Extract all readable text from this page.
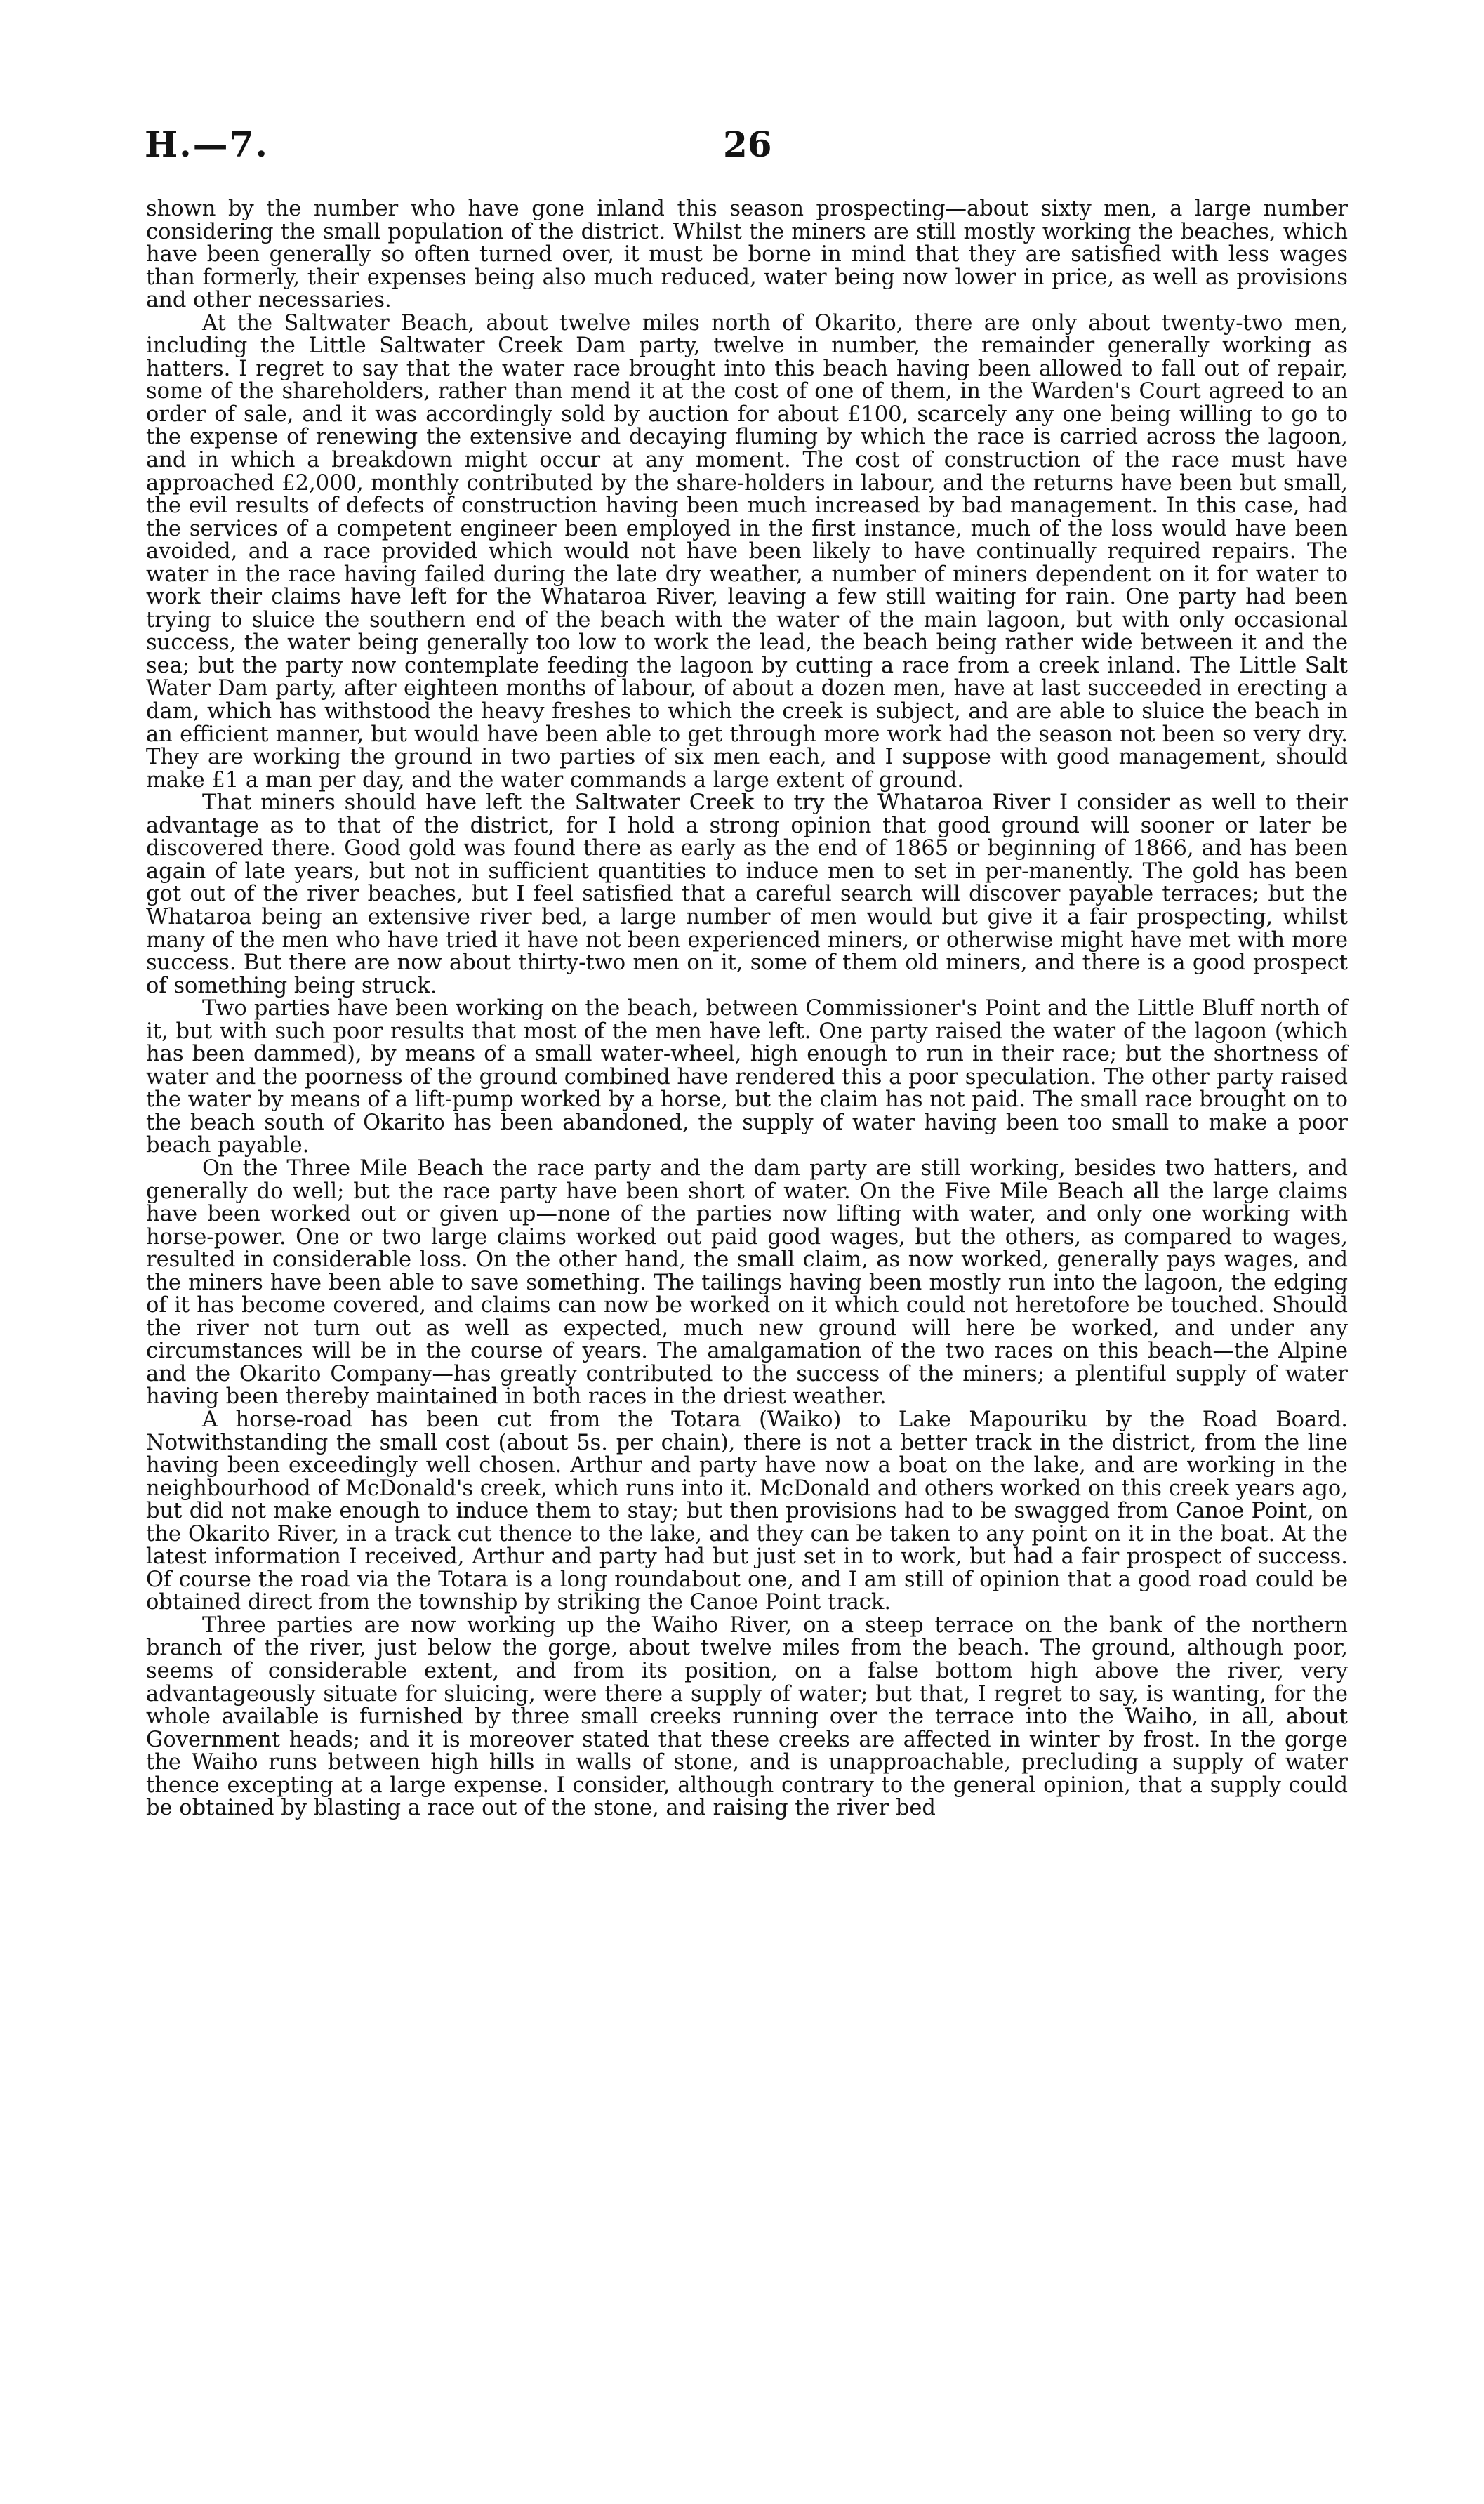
H.—7.	26

shown by the number who have gone inland this season prospecting—about sixty men, a large number considering the small population of the district. Whilst the miners are still mostly working the beaches, which have been generally so often turned over, it must be borne in mind that they are satisfied with less wages than formerly, their expenses being also much reduced, water being now lower in price, as well as provisions and other necessaries.

At the Saltwater Beach, about twelve miles north of Okarito, there are only about twenty-two men, including the Little Saltwater Creek Dam party, twelve in number, the remainder generally working as hatters. I regret to say that the water race brought into this beach having been allowed to fall out of repair, some of the shareholders, rather than mend it at the cost of one of them, in the Warden's Court agreed to an order of sale, and it was accordingly sold by auction for about £100, scarcely any one being willing to go to the expense of renewing the extensive and decaying fluming by which the race is carried across the lagoon, and in which a breakdown might occur at any moment. The cost of construction of the race must have approached £2,000, monthly contributed by the share-holders in labour, and the returns have been but small, the evil results of defects of construction having been much increased by bad management. In this case, had the services of a competent engineer been employed in the first instance, much of the loss would have been avoided, and a race provided which would not have been likely to have continually required repairs. The water in the race having failed during the late dry weather, a number of miners dependent on it for water to work their claims have left for the Whataroa River, leaving a few still waiting for rain. One party had been trying to sluice the southern end of the beach with the water of the main lagoon, but with only occasional success, the water being generally too low to work the lead, the beach being rather wide between it and the sea; but the party now contemplate feeding the lagoon by cutting a race from a creek inland. The Little Salt Water Dam party, after eighteen months of labour, of about a dozen men, have at last succeeded in erecting a dam, which has withstood the heavy freshes to which the creek is subject, and are able to sluice the beach in an efficient manner, but would have been able to get through more work had the season not been so very dry. They are working the ground in two parties of six men each, and I suppose with good management, should make £1 a man per day, and the water commands a large extent of ground.

That miners should have left the Saltwater Creek to try the Whataroa River I consider as well to their advantage as to that of the district, for I hold a strong opinion that good ground will sooner or later be discovered there. Good gold was found there as early as the end of 1865 or beginning of 1866, and has been again of late years, but not in sufficient quantities to induce men to set in per-manently. The gold has been got out of the river beaches, but I feel satisfied that a careful search will discover payable terraces; but the Whataroa being an extensive river bed, a large number of men would but give it a fair prospecting, whilst many of the men who have tried it have not been experienced miners, or otherwise might have met with more success. But there are now about thirty-two men on it, some of them old miners, and there is a good prospect of something being struck.

Two parties have been working on the beach, between Commissioner's Point and the Little Bluff north of it, but with such poor results that most of the men have left. One party raised the water of the lagoon (which has been dammed), by means of a small water-wheel, high enough to run in their race; but the shortness of water and the poorness of the ground combined have rendered this a poor speculation. The other party raised the water by means of a lift-pump worked by a horse, but the claim has not paid. The small race brought on to the beach south of Okarito has been abandoned, the supply of water having been too small to make a poor beach payable.

On the Three Mile Beach the race party and the dam party are still working, besides two hatters, and generally do well; but the race party have been short of water. On the Five Mile Beach all the large claims have been worked out or given up—none of the parties now lifting with water, and only one working with horse-power. One or two large claims worked out paid good wages, but the others, as compared to wages, resulted in considerable loss. On the other hand, the small claim, as now worked, generally pays wages, and the miners have been able to save something. The tailings having been mostly run into the lagoon, the edging of it has become covered, and claims can now be worked on it which could not heretofore be touched. Should the river not turn out as well as expected, much new ground will here be worked, and under any circumstances will be in the course of years. The amalgamation of the two races on this beach—the Alpine and the Okarito Company—has greatly contributed to the success of the miners; a plentiful supply of water having been thereby maintained in both races in the driest weather.

A horse-road has been cut from the Totara (Waiko) to Lake Mapouriku by the Road Board. Notwithstanding the small cost (about 5s. per chain), there is not a better track in the district, from the line having been exceedingly well chosen. Arthur and party have now a boat on the lake, and are working in the neighbourhood of McDonald's creek, which runs into it. McDonald and others worked on this creek years ago, but did not make enough to induce them to stay; but then provisions had to be swagged from Canoe Point, on the Okarito River, in a track cut thence to the lake, and they can be taken to any point on it in the boat. At the latest information I received, Arthur and party had but just set in to work, but had a fair prospect of success. Of course the road via the Totara is a long roundabout one, and I am still of opinion that a good road could be obtained direct from the township by striking the Canoe Point track.

Three parties are now working up the Waiho River, on a steep terrace on the bank of the northern branch of the river, just below the gorge, about twelve miles from the beach. The ground, although poor, seems of considerable extent, and from its position, on a false bottom high above the river, very advantageously situate for sluicing, were there a supply of water; but that, I regret to say, is wanting, for the whole available is furnished by three small creeks running over the terrace into the Waiho, in all, about Government heads; and it is moreover stated that these creeks are affected in winter by frost. In the gorge the Waiho runs between high hills in walls of stone, and is unapproachable, precluding a supply of water thence excepting at a large expense. I consider, although contrary to the general opinion, that a supply could be obtained by blasting a race out of the stone, and raising the river bed
